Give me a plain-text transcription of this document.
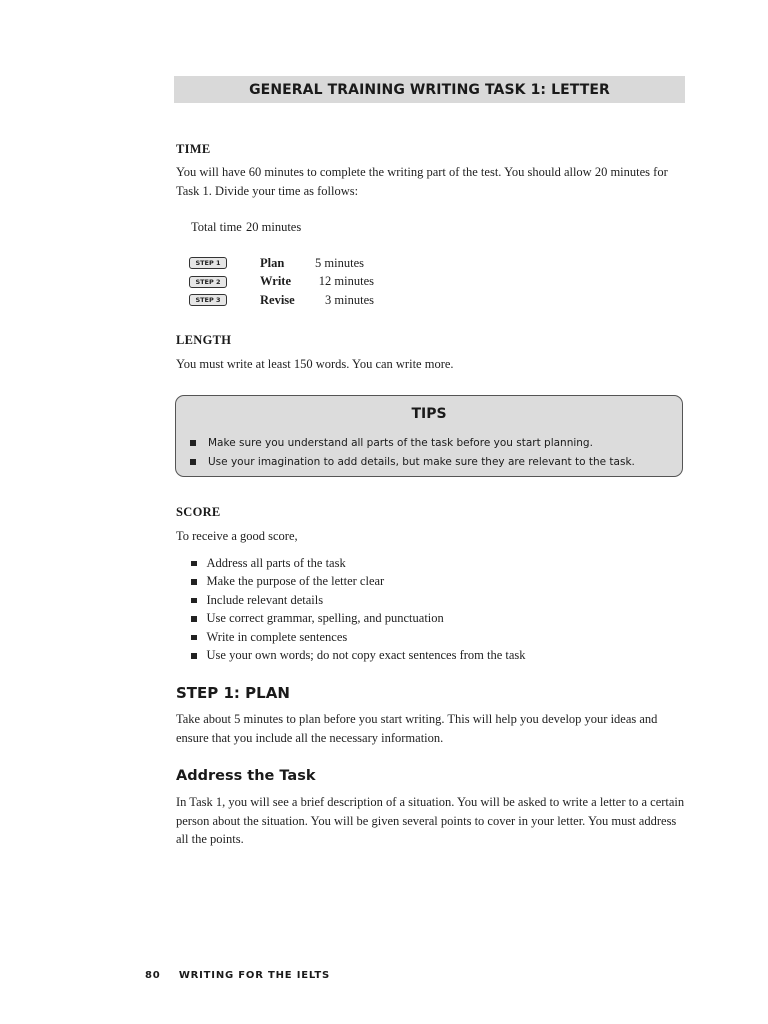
GENERAL TRAINING WRITING TASK 1: LETTER
TIME
You will have 60 minutes to complete the writing part of the test. You should allow 20 minutes for Task 1. Divide your time as follows:
Total time 20 minutes
STEP 1	Plan	5 minutes
STEP 2	Write	12 minutes
STEP 3	Revise	3 minutes
LENGTH
You must write at least 150 words. You can write more.
TIPS
Make sure you understand all parts of the task before you start planning.
Use your imagination to add details, but make sure they are relevant to the task.
SCORE
To receive a good score,
Address all parts of the task
Make the purpose of the letter clear
Include relevant details
Use correct grammar, spelling, and punctuation
Write in complete sentences
Use your own words; do not copy exact sentences from the task
STEP 1: PLAN
Take about 5 minutes to plan before you start writing. This will help you develop your ideas and ensure that you include all the necessary information.
Address the Task
In Task 1, you will see a brief description of a situation. You will be asked to write a letter to a certain person about the situation. You will be given several points to cover in your letter. You must address all the points.
80 WRITING FOR THE IELTS
